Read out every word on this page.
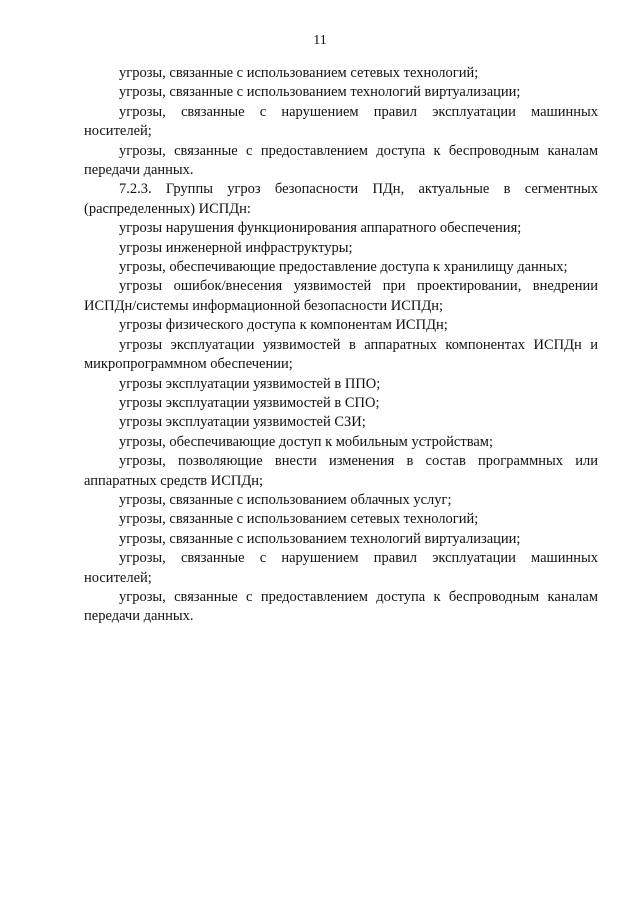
11

угрозы, связанные с использованием сетевых технологий;

угрозы, связанные с использованием технологий виртуализации;

угрозы, связанные с нарушением правил эксплуатации машинных носителей;

угрозы, связанные с предоставлением доступа к беспроводным каналам передачи данных.

7.2.3. Группы угроз безопасности ПДн, актуальные в сегментных (распределенных) ИСПДн:

угрозы нарушения функционирования аппаратного обеспечения;

угрозы инженерной инфраструктуры;

угрозы, обеспечивающие предоставление доступа к хранилищу данных;

угрозы ошибок/внесения уязвимостей при проектировании, внедрении ИСПДн/системы информационной безопасности ИСПДн;

угрозы физического доступа к компонентам ИСПДн;

угрозы эксплуатации уязвимостей в аппаратных компонентах ИСПДн и микропрограммном обеспечении;

угрозы эксплуатации уязвимостей в ППО;

угрозы эксплуатации уязвимостей в СПО;

угрозы эксплуатации уязвимостей СЗИ;

угрозы, обеспечивающие доступ к мобильным устройствам;

угрозы, позволяющие внести изменения в состав программных или аппаратных средств ИСПДн;

угрозы, связанные с использованием облачных услуг;

угрозы, связанные с использованием сетевых технологий;

угрозы, связанные с использованием технологий виртуализации;

угрозы, связанные с нарушением правил эксплуатации машинных носителей;

угрозы, связанные с предоставлением доступа к беспроводным каналам передачи данных.
